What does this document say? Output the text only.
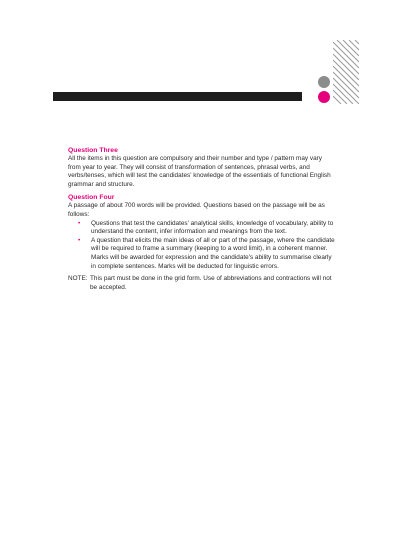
Question Three

All the items in this question are compulsory and their number and type / pattern may vary from year to year. They will consist of transformation of sentences, phrasal verbs, and verbs/tenses, which will test the candidates' knowledge of the essentials of functional English grammar and structure.

Question Four

A passage of about 700 words will be provided. Questions based on the passage will be as follows:

• Questions that test the candidates' analytical skills, knowledge of vocabulary, ability to understand the content, infer information and meanings from the text.
• A question that elicits the main ideas of all or part of the passage, where the candidate will be required to frame a summary (keeping to a word limit), in a coherent manner. Marks will be awarded for expression and the candidate's ability to summarise clearly in complete sentences. Marks will be deducted for linguistic errors.
NOTE: This part must be done in the grid form. Use of abbreviations and contractions will not be accepted.
